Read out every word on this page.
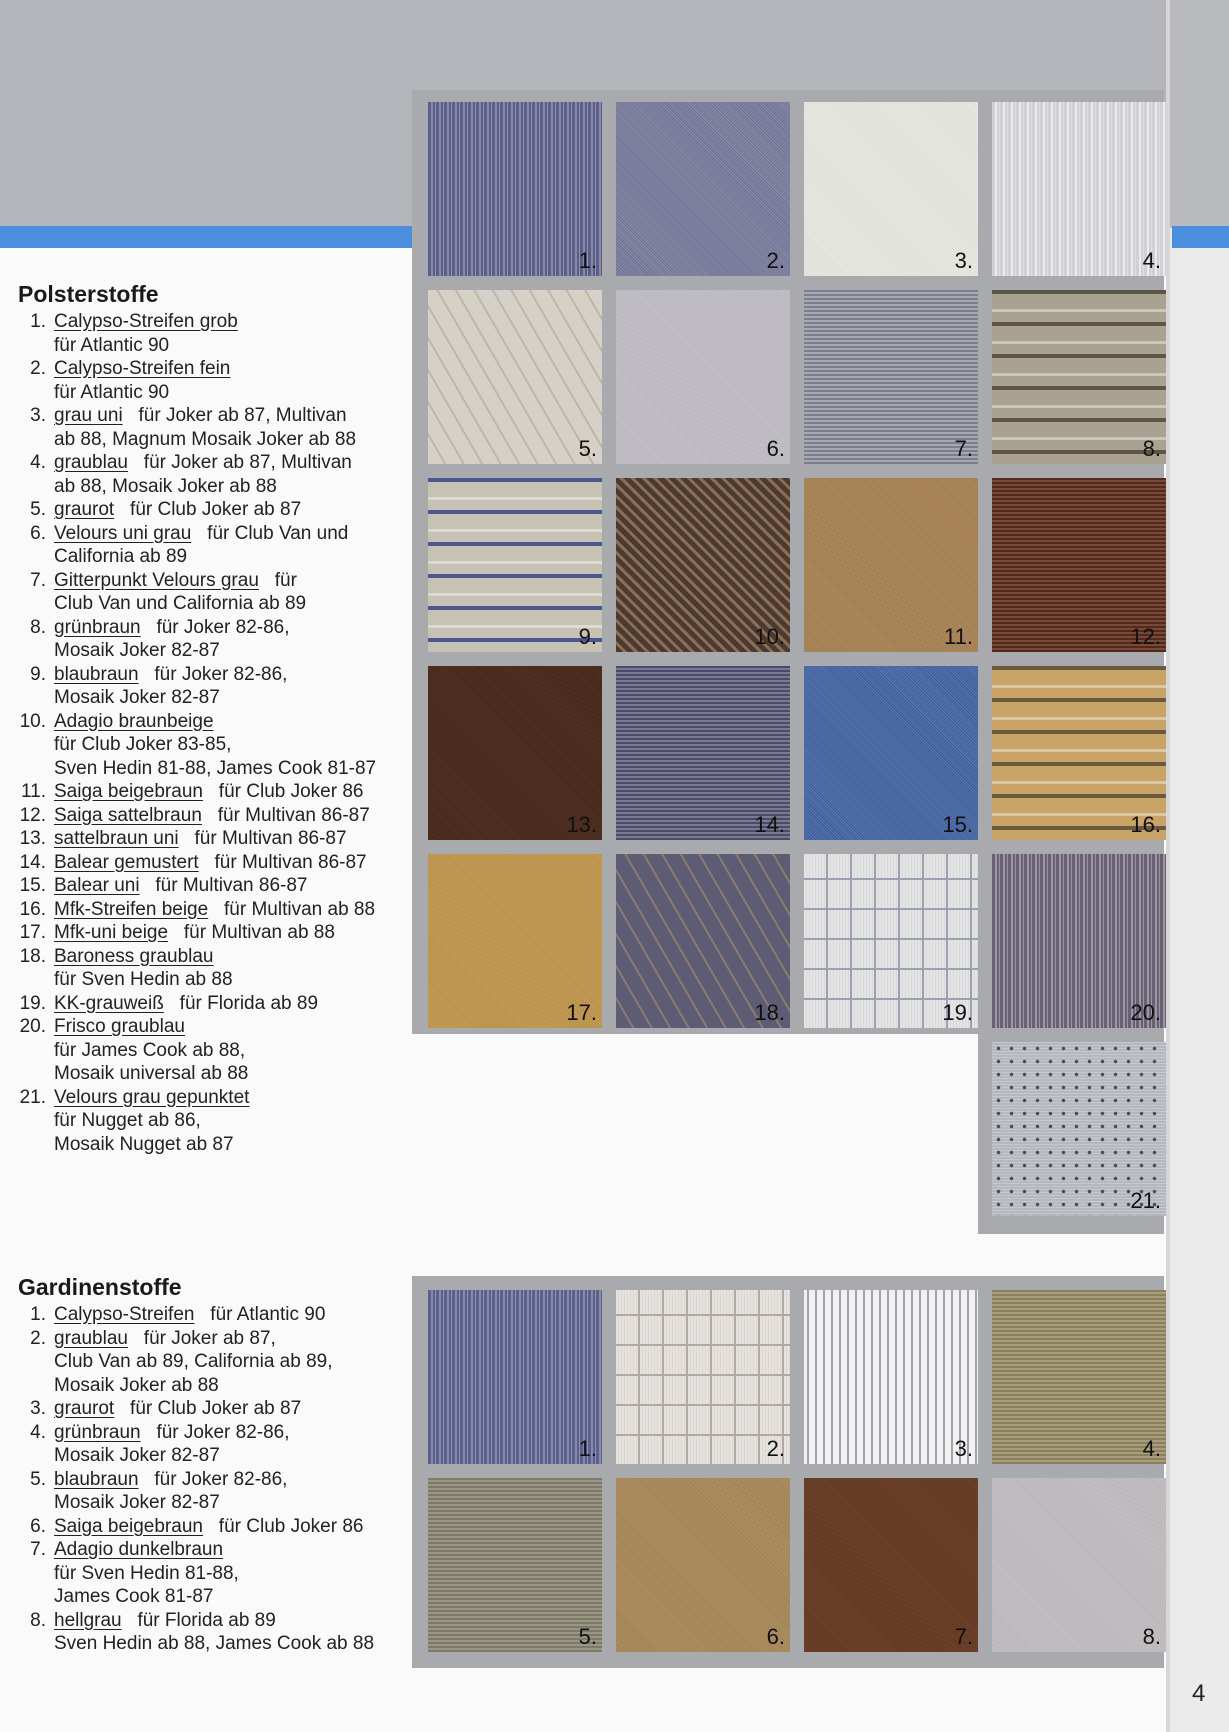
1.	2.	3.	4.
5.	6.	7.	8.
9.	10.	11.	12.
13.	14.	15.	16.
17.	18.	19.	20.
21.
1.	2.	3.	4.
5.	6.	7.	8.
Polsterstoffe
1. Calypso-Streifen grob
für Atlantic 90
2. Calypso-Streifen fein
für Atlantic 90
3. grau uni   für Joker ab 87, Multivan
ab 88, Magnum Mosaik Joker ab 88
4. graublau   für Joker ab 87, Multivan
ab 88, Mosaik Joker ab 88
5. graurot   für Club Joker ab 87
6. Velours uni grau   für Club Van und
California ab 89
7. Gitterpunkt Velours grau   für
Club Van und California ab 89
8. grünbraun   für Joker 82-86,
Mosaik Joker 82-87
9. blaubraun   für Joker 82-86,
Mosaik Joker 82-87
10. Adagio braunbeige
für Club Joker 83-85,
Sven Hedin 81-88, James Cook 81-87
11. Saiga beigebraun   für Club Joker 86
12. Saiga sattelbraun   für Multivan 86-87
13. sattelbraun uni   für Multivan 86-87
14. Balear gemustert   für Multivan 86-87
15. Balear uni   für Multivan 86-87
16. Mfk-Streifen beige   für Multivan ab 88
17. Mfk-uni beige   für Multivan ab 88
18. Baroness graublau
für Sven Hedin ab 88
19. KK-grauweiß   für Florida ab 89
20. Frisco graublau
für James Cook ab 88,
Mosaik universal ab 88
21. Velours grau gepunktet
für Nugget ab 86,
Mosaik Nugget ab 87
Gardinenstoffe
1. Calypso-Streifen   für Atlantic 90
2. graublau   für Joker ab 87,
Club Van ab 89, California ab 89,
Mosaik Joker ab 88
3. graurot   für Club Joker ab 87
4. grünbraun   für Joker 82-86,
Mosaik Joker 82-87
5. blaubraun   für Joker 82-86,
Mosaik Joker 82-87
6. Saiga beigebraun   für Club Joker 86
7. Adagio dunkelbraun
für Sven Hedin 81-88,
James Cook 81-87
8. hellgrau   für Florida ab 89
Sven Hedin ab 88, James Cook ab 88
4
